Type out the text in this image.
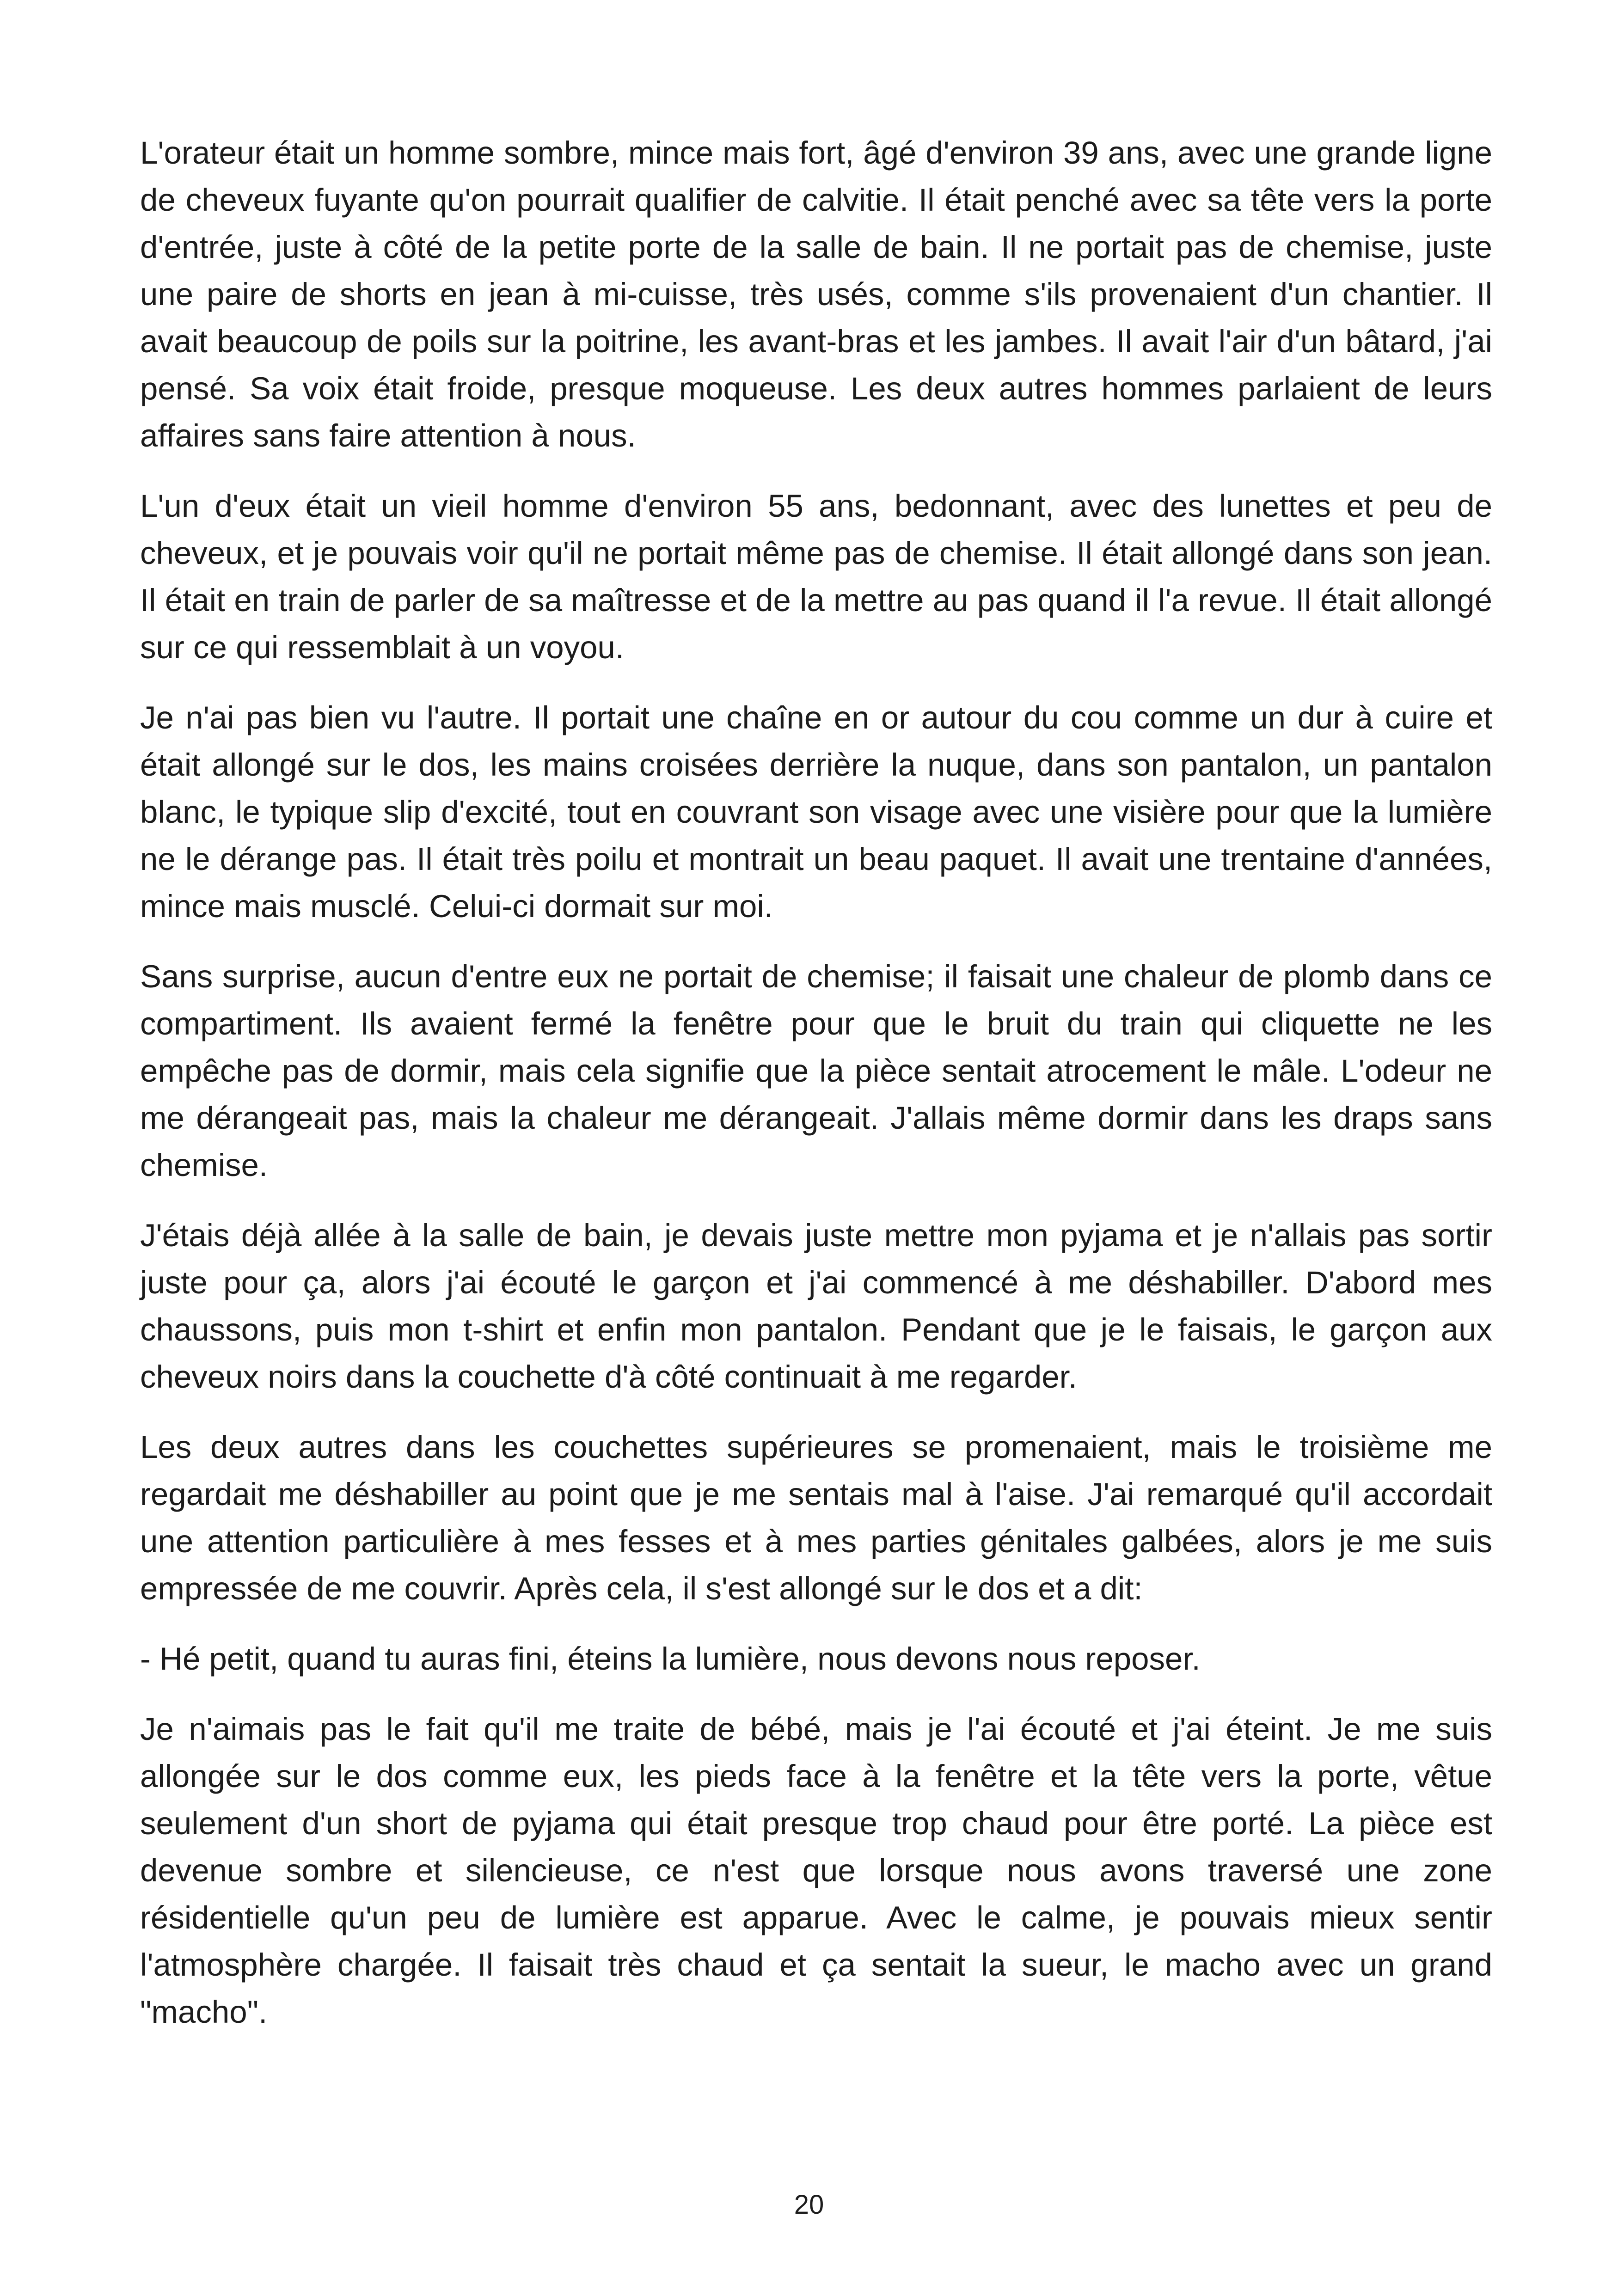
L'orateur était un homme sombre, mince mais fort, âgé d'environ 39 ans, avec une grande ligne de cheveux fuyante qu'on pourrait qualifier de calvitie. Il était penché avec sa tête vers la porte d'entrée, juste à côté de la petite porte de la salle de bain. Il ne portait pas de chemise, juste une paire de shorts en jean à mi-cuisse, très usés, comme s'ils provenaient d'un chantier. Il avait beaucoup de poils sur la poitrine, les avant-bras et les jambes. Il avait l'air d'un bâtard, j'ai pensé. Sa voix était froide, presque moqueuse. Les deux autres hommes parlaient de leurs affaires sans faire attention à nous.

L'un d'eux était un vieil homme d'environ 55 ans, bedonnant, avec des lunettes et peu de cheveux, et je pouvais voir qu'il ne portait même pas de chemise. Il était allongé dans son jean. Il était en train de parler de sa maîtresse et de la mettre au pas quand il l'a revue. Il était allongé sur ce qui ressemblait à un voyou.

Je n'ai pas bien vu l'autre. Il portait une chaîne en or autour du cou comme un dur à cuire et était allongé sur le dos, les mains croisées derrière la nuque, dans son pantalon, un pantalon blanc, le typique slip d'excité, tout en couvrant son visage avec une visière pour que la lumière ne le dérange pas. Il était très poilu et montrait un beau paquet. Il avait une trentaine d'années, mince mais musclé. Celui-ci dormait sur moi.

Sans surprise, aucun d'entre eux ne portait de chemise; il faisait une chaleur de plomb dans ce compartiment. Ils avaient fermé la fenêtre pour que le bruit du train qui cliquette ne les empêche pas de dormir, mais cela signifie que la pièce sentait atrocement le mâle. L'odeur ne me dérangeait pas, mais la chaleur me dérangeait. J'allais même dormir dans les draps sans chemise.

J'étais déjà allée à la salle de bain, je devais juste mettre mon pyjama et je n'allais pas sortir juste pour ça, alors j'ai écouté le garçon et j'ai commencé à me déshabiller. D'abord mes chaussons, puis mon t-shirt et enfin mon pantalon. Pendant que je le faisais, le garçon aux cheveux noirs dans la couchette d'à côté continuait à me regarder.

Les deux autres dans les couchettes supérieures se promenaient, mais le troisième me regardait me déshabiller au point que je me sentais mal à l'aise. J'ai remarqué qu'il accordait une attention particulière à mes fesses et à mes parties génitales galbées, alors je me suis empressée de me couvrir. Après cela, il s'est allongé sur le dos et a dit:

- Hé petit, quand tu auras fini, éteins la lumière, nous devons nous reposer.

Je n'aimais pas le fait qu'il me traite de bébé, mais je l'ai écouté et j'ai éteint. Je me suis allongée sur le dos comme eux, les pieds face à la fenêtre et la tête vers la porte, vêtue seulement d'un short de pyjama qui était presque trop chaud pour être porté. La pièce est devenue sombre et silencieuse, ce n'est que lorsque nous avons traversé une zone résidentielle qu'un peu de lumière est apparue. Avec le calme, je pouvais mieux sentir l'atmosphère chargée. Il faisait très chaud et ça sentait la sueur, le macho avec un grand "macho".

20
